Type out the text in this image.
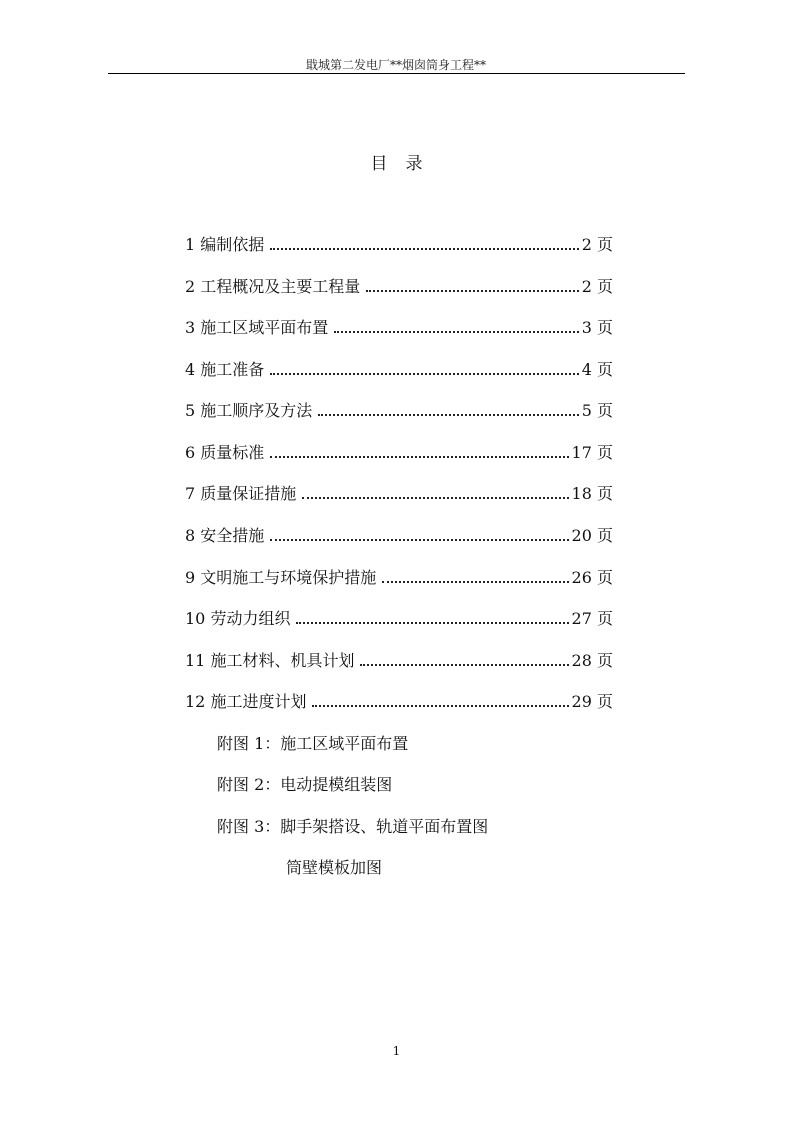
戢城第二发电厂**烟囱筒身工程**
目录
1 编制依据	2 页
2 工程概况及主要工程量	2 页
3 施工区域平面布置	3 页
4 施工准备	4 页
5 施工顺序及方法	5 页
6 质量标准	17 页
7 质量保证措施	18 页
8 安全措施	20 页
9 文明施工与环境保护措施	26 页
10 劳动力组织	27 页
11 施工材料、机具计划	28 页
12 施工进度计划	29 页
附图 1：施工区域平面布置
附图 2：电动提模组装图
附图 3：脚手架搭设、轨道平面布置图
筒壁模板加图
1
